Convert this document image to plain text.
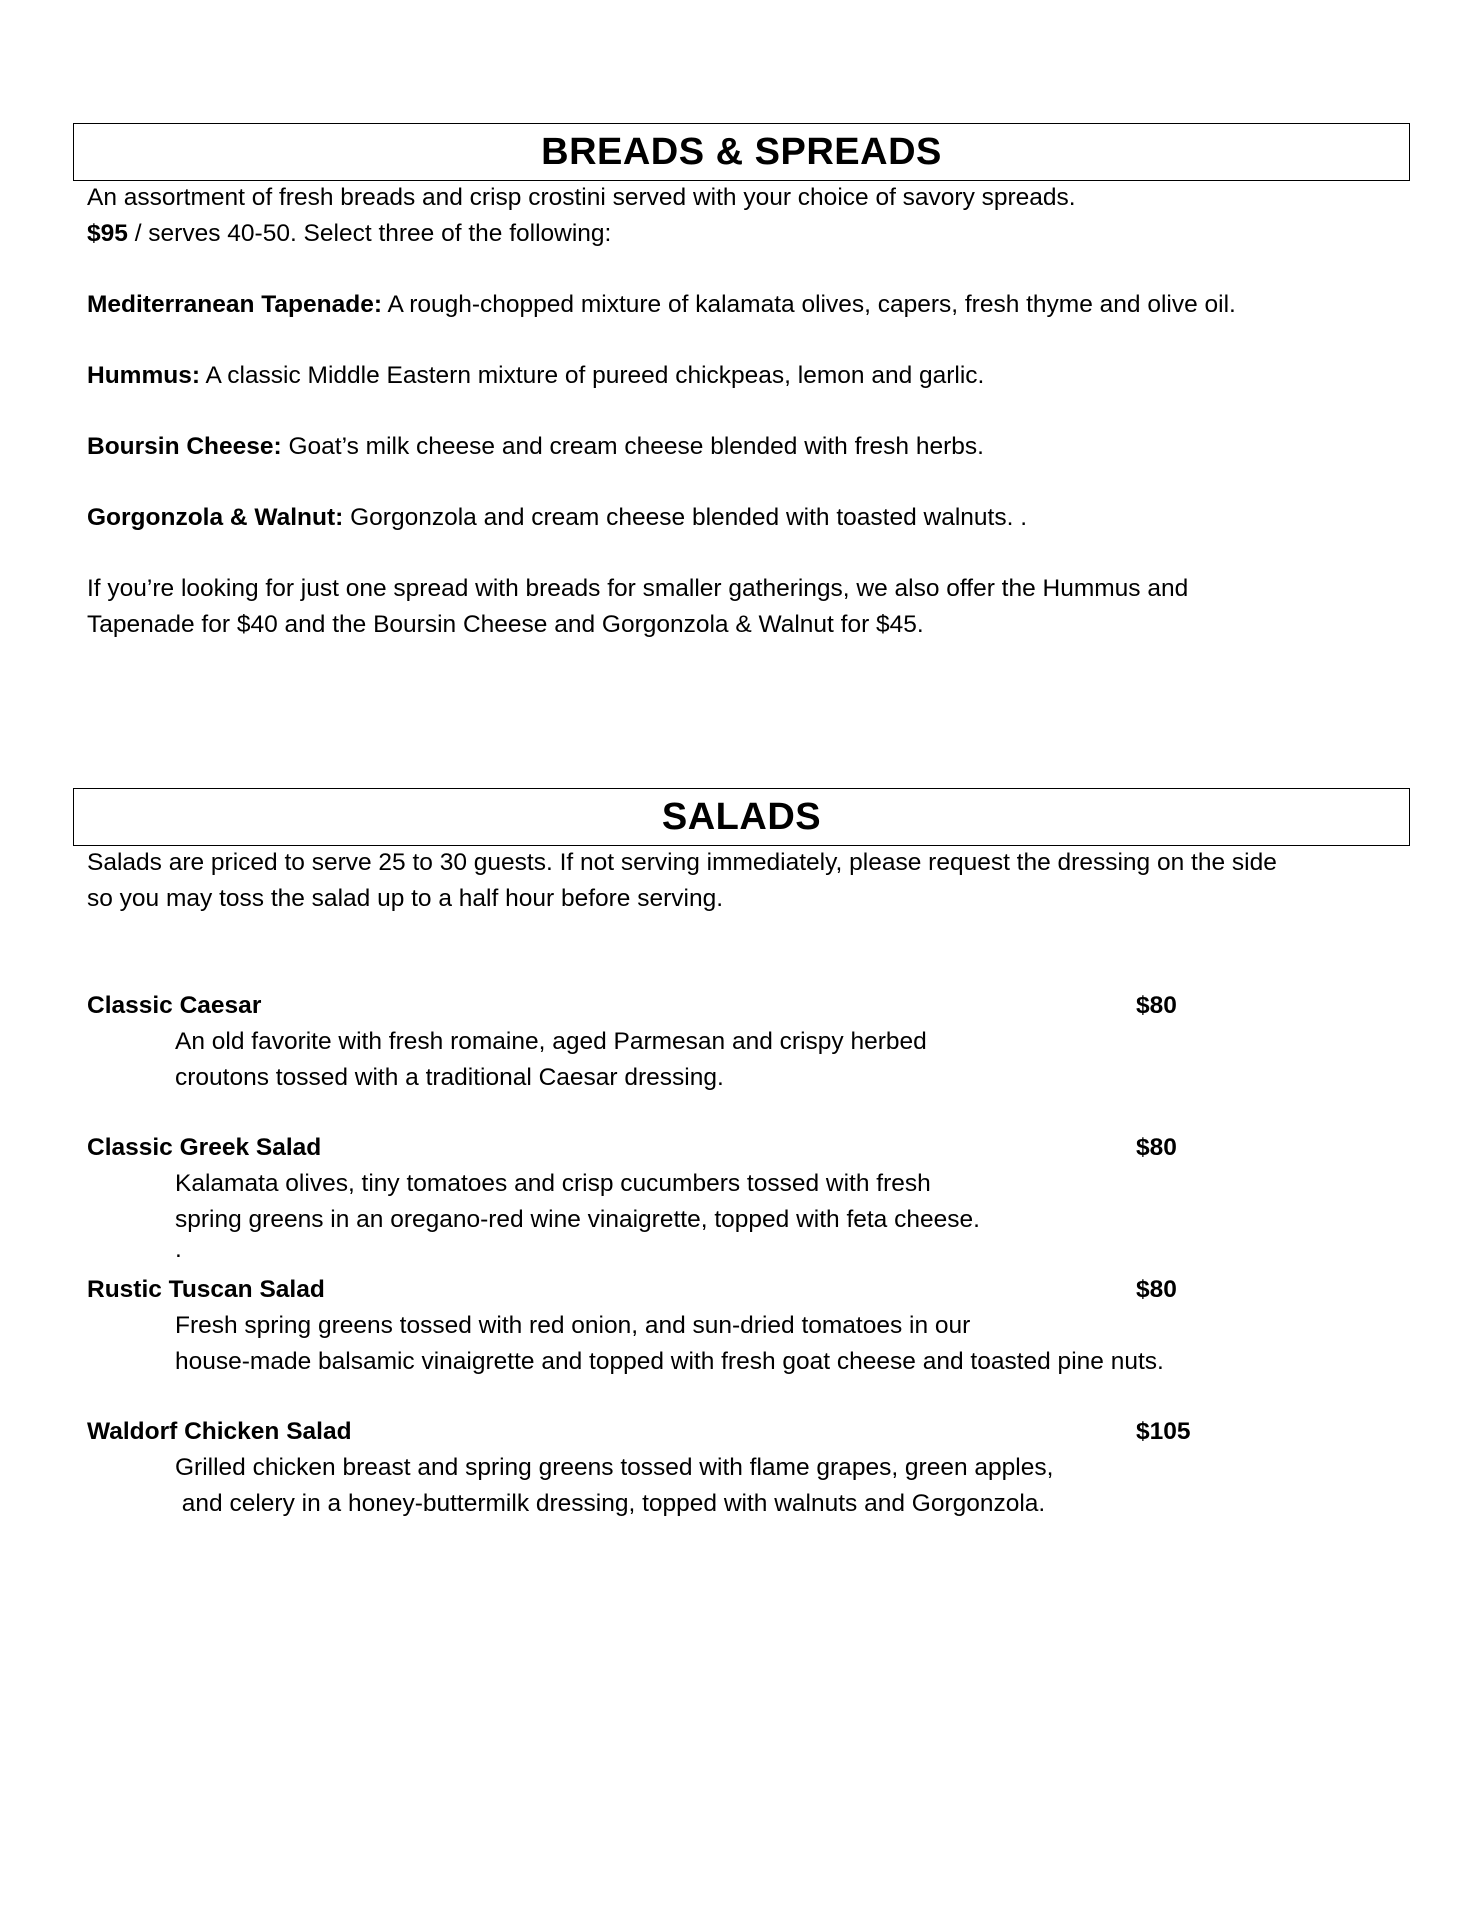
BREADS & SPREADS
An assortment of fresh breads and crisp crostini served with your choice of savory spreads.
$95 / serves 40-50. Select three of the following:
Mediterranean Tapenade: A rough-chopped mixture of kalamata olives, capers, fresh thyme and olive oil.
Hummus: A classic Middle Eastern mixture of pureed chickpeas, lemon and garlic.
Boursin Cheese: Goat’s milk cheese and cream cheese blended with fresh herbs.
Gorgonzola & Walnut: Gorgonzola and cream cheese blended with toasted walnuts. .
If you’re looking for just one spread with breads for smaller gatherings, we also offer the Hummus and
Tapenade for $40 and the Boursin Cheese and Gorgonzola & Walnut for $45.
SALADS
Salads are priced to serve 25 to 30 guests. If not serving immediately, please request the dressing on the side
so you may toss the salad up to a half hour before serving.
Classic Caesar	$80
An old favorite with fresh romaine, aged Parmesan and crispy herbed
croutons tossed with a traditional Caesar dressing.
Classic Greek Salad	$80
Kalamata olives, tiny tomatoes and crisp cucumbers tossed with fresh
spring greens in an oregano-red wine vinaigrette, topped with feta cheese.
.
Rustic Tuscan Salad	$80
Fresh spring greens tossed with red onion, and sun-dried tomatoes in our
house-made balsamic vinaigrette and topped with fresh goat cheese and toasted pine nuts.
Waldorf Chicken Salad	$105
Grilled chicken breast and spring greens tossed with flame grapes, green apples,
and celery in a honey-buttermilk dressing, topped with walnuts and Gorgonzola.
